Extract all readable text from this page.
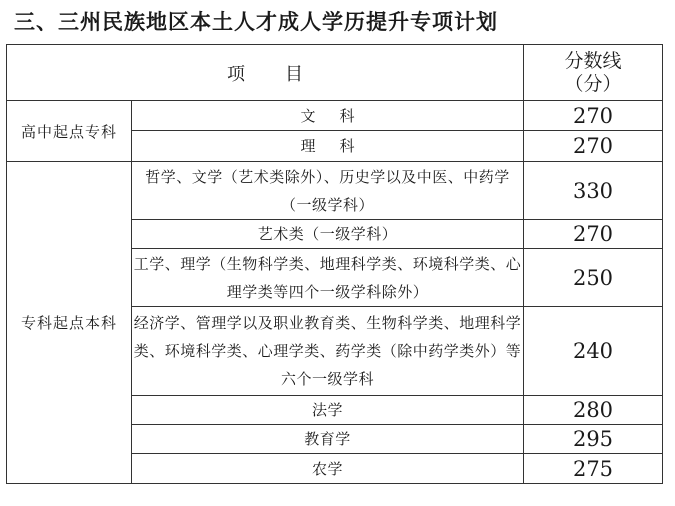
三、三州民族地区本土人才成人学历提升专项计划
项目		分数线
（分）

高中起点专科	文科	270
	理科	270
专科起点本科	哲学、文学（艺术类除外）、历史学以及中医、中药学（一级学科）	330
	艺术类（一级学科）	270
	工学、理学（生物科学类、地理科学类、环境科学类、心理学类等四个一级学科除外）	250
	经济学、管理学以及职业教育类、生物科学类、地理科学类、环境科学类、心理学类、药学类（除中药学类外）等六个一级学科	240
	法学	280
	教育学	295
	农学	275
